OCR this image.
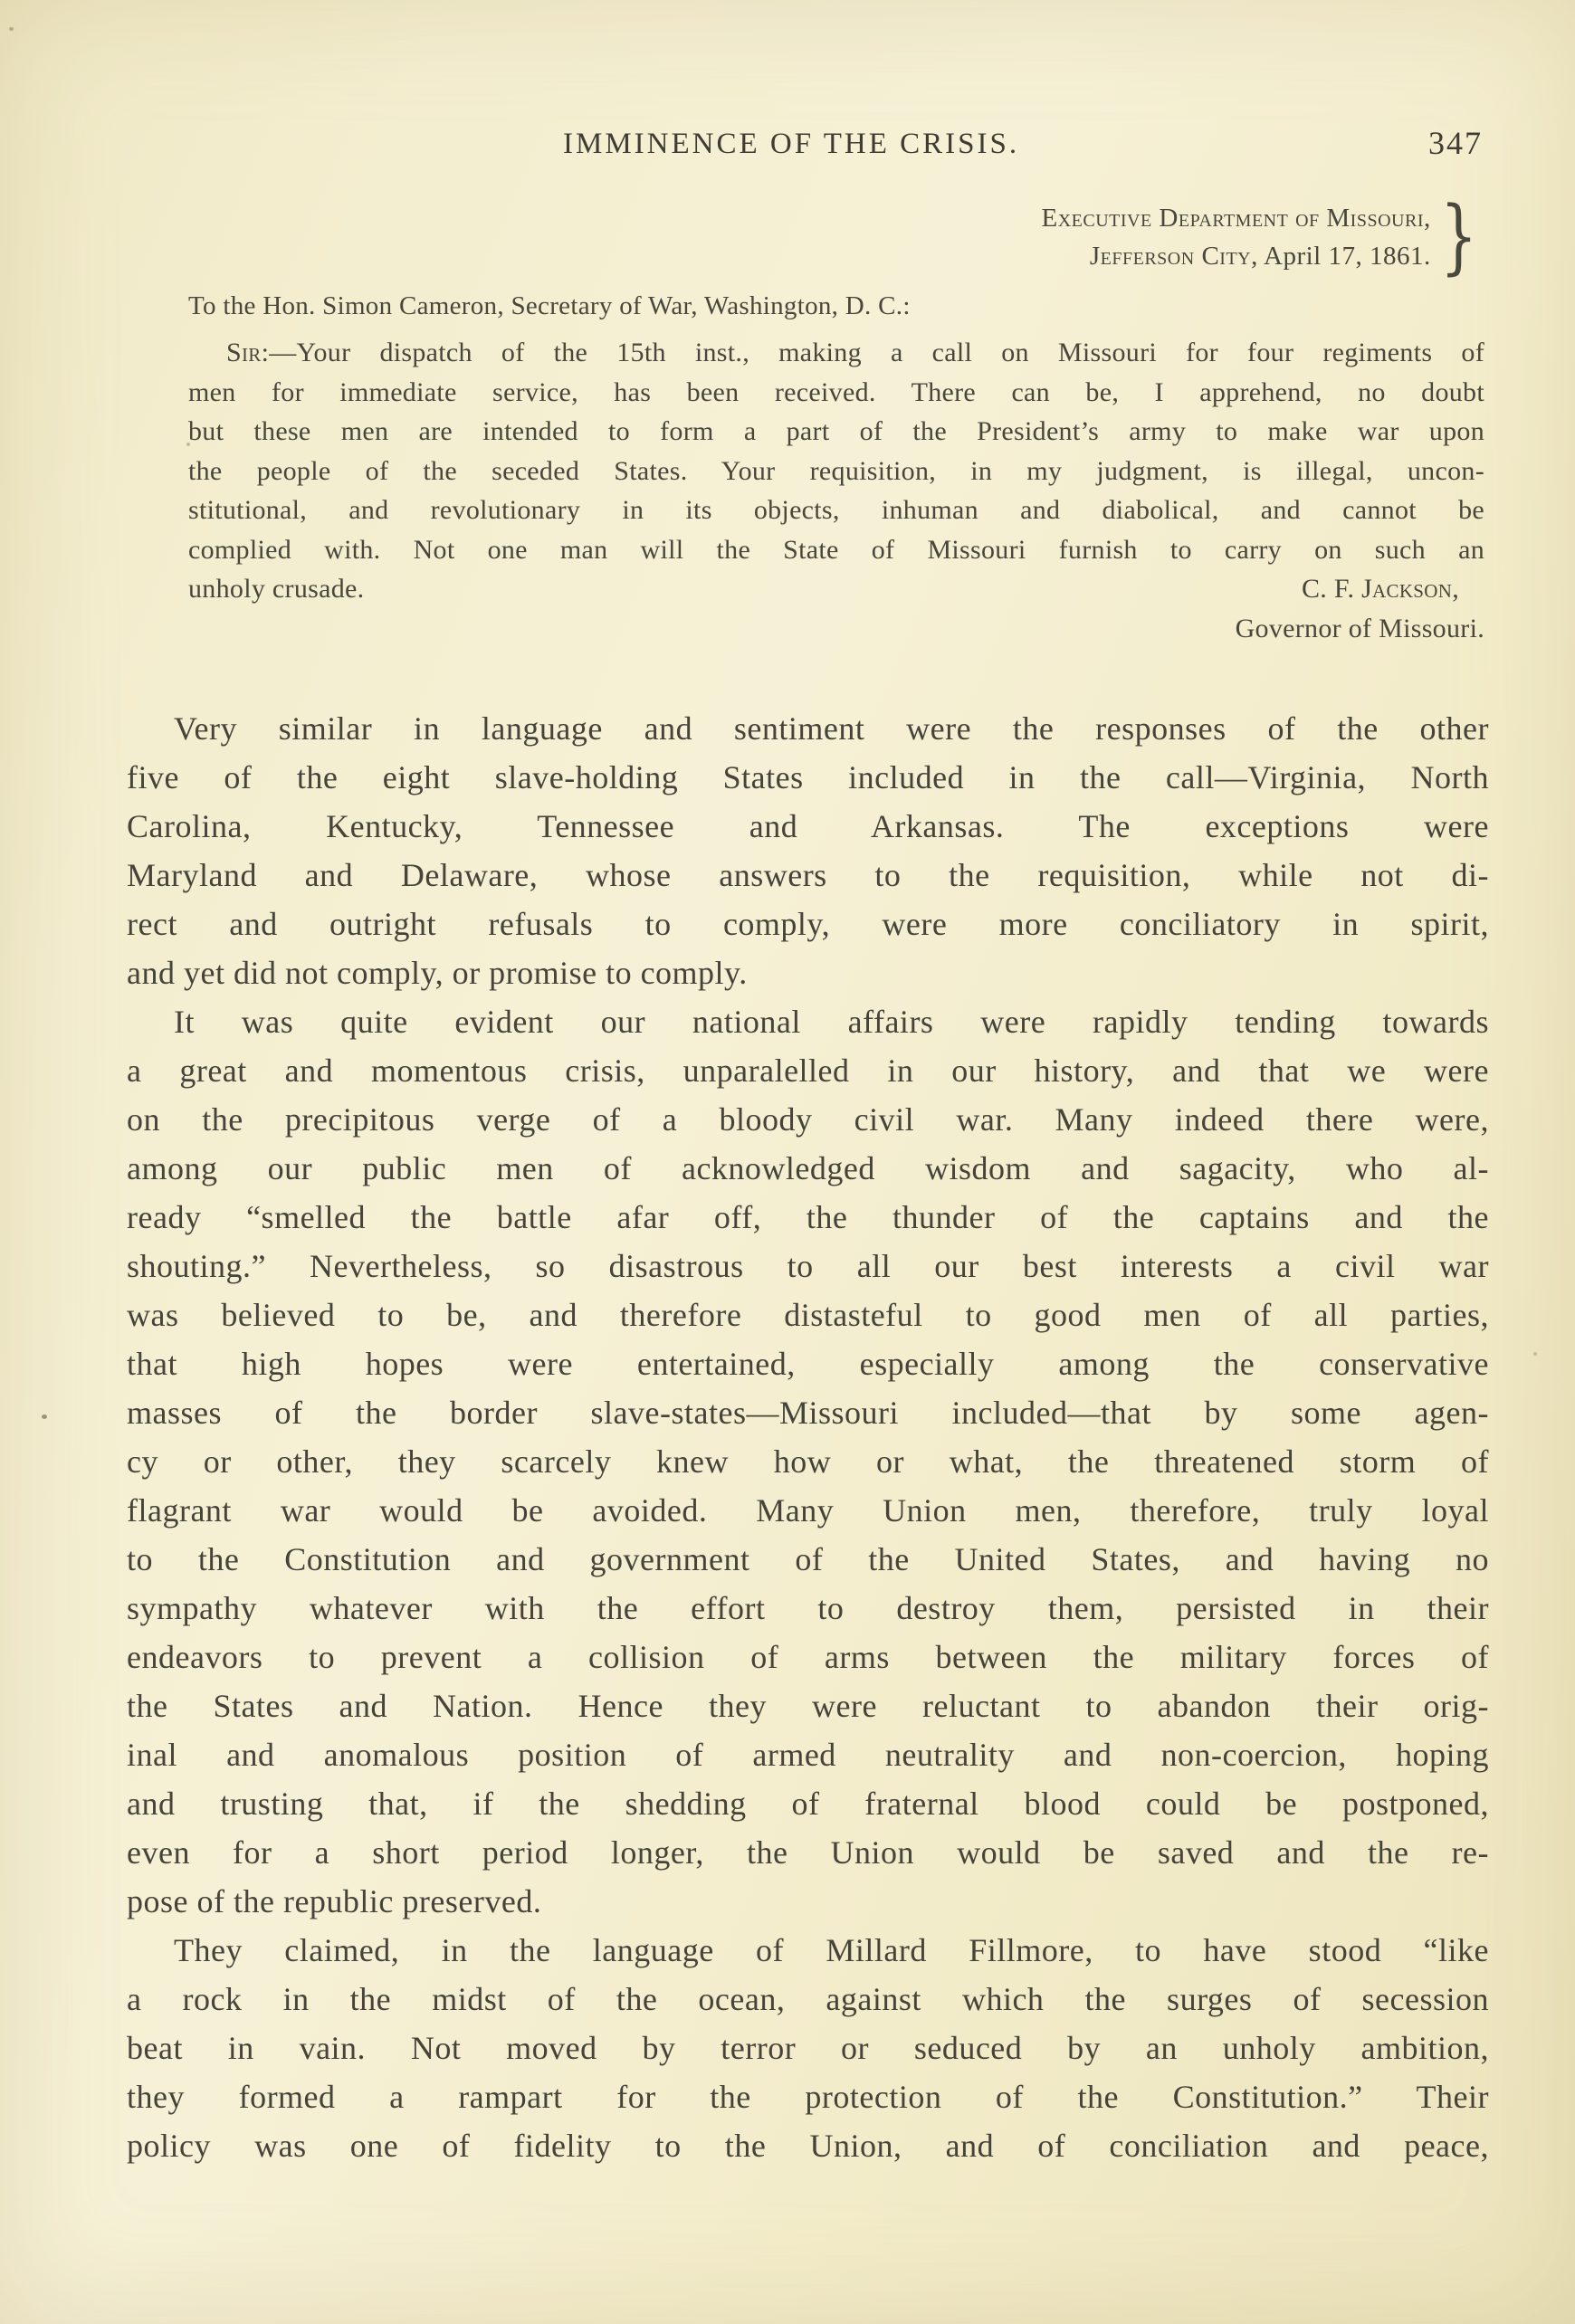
IMMINENCE OF THE CRISIS.	347
Executive Department of Missouri,
Jefferson City, April 17, 1861. }
To the Hon. Simon Cameron, Secretary of War, Washington, D. C.:
Sir:—Your dispatch of the 15th inst., making a call on Missouri for four regiments of
men for immediate service, has been received. There can be, I apprehend, no doubt
but these men are intended to form a part of the President’s army to make war upon
the people of the seceded States. Your requisition, in my judgment, is illegal, uncon-
stitutional, and revolutionary in its objects, inhuman and diabolical, and cannot be
complied with. Not one man will the State of Missouri furnish to carry on such an
unholy crusade.	C. F. Jackson,
Governor of Missouri.
Very similar in language and sentiment were the responses of the other
five of the eight slave-holding States included in the call—Virginia, North
Carolina, Kentucky, Tennessee and Arkansas. The exceptions were
Maryland and Delaware, whose answers to the requisition, while not di-
rect and outright refusals to comply, were more conciliatory in spirit,
and yet did not comply, or promise to comply.
It was quite evident our national affairs were rapidly tending towards
a great and momentous crisis, unparalelled in our history, and that we were
on the precipitous verge of a bloody civil war. Many indeed there were,
among our public men of acknowledged wisdom and sagacity, who al-
ready “smelled the battle afar off, the thunder of the captains and the
shouting.” Nevertheless, so disastrous to all our best interests a civil war
was believed to be, and therefore distasteful to good men of all parties,
that high hopes were entertained, especially among the conservative
masses of the border slave-states—Missouri included—that by some agen-
cy or other, they scarcely knew how or what, the threatened storm of
flagrant war would be avoided. Many Union men, therefore, truly loyal
to the Constitution and government of the United States, and having no
sympathy whatever with the effort to destroy them, persisted in their
endeavors to prevent a collision of arms between the military forces of
the States and Nation. Hence they were reluctant to abandon their orig-
inal and anomalous position of armed neutrality and non-coercion, hoping
and trusting that, if the shedding of fraternal blood could be postponed,
even for a short period longer, the Union would be saved and the re-
pose of the republic preserved.
They claimed, in the language of Millard Fillmore, to have stood “like
a rock in the midst of the ocean, against which the surges of secession
beat in vain. Not moved by terror or seduced by an unholy ambition,
they formed a rampart for the protection of the Constitution.” Their
policy was one of fidelity to the Union, and of conciliation and peace,
